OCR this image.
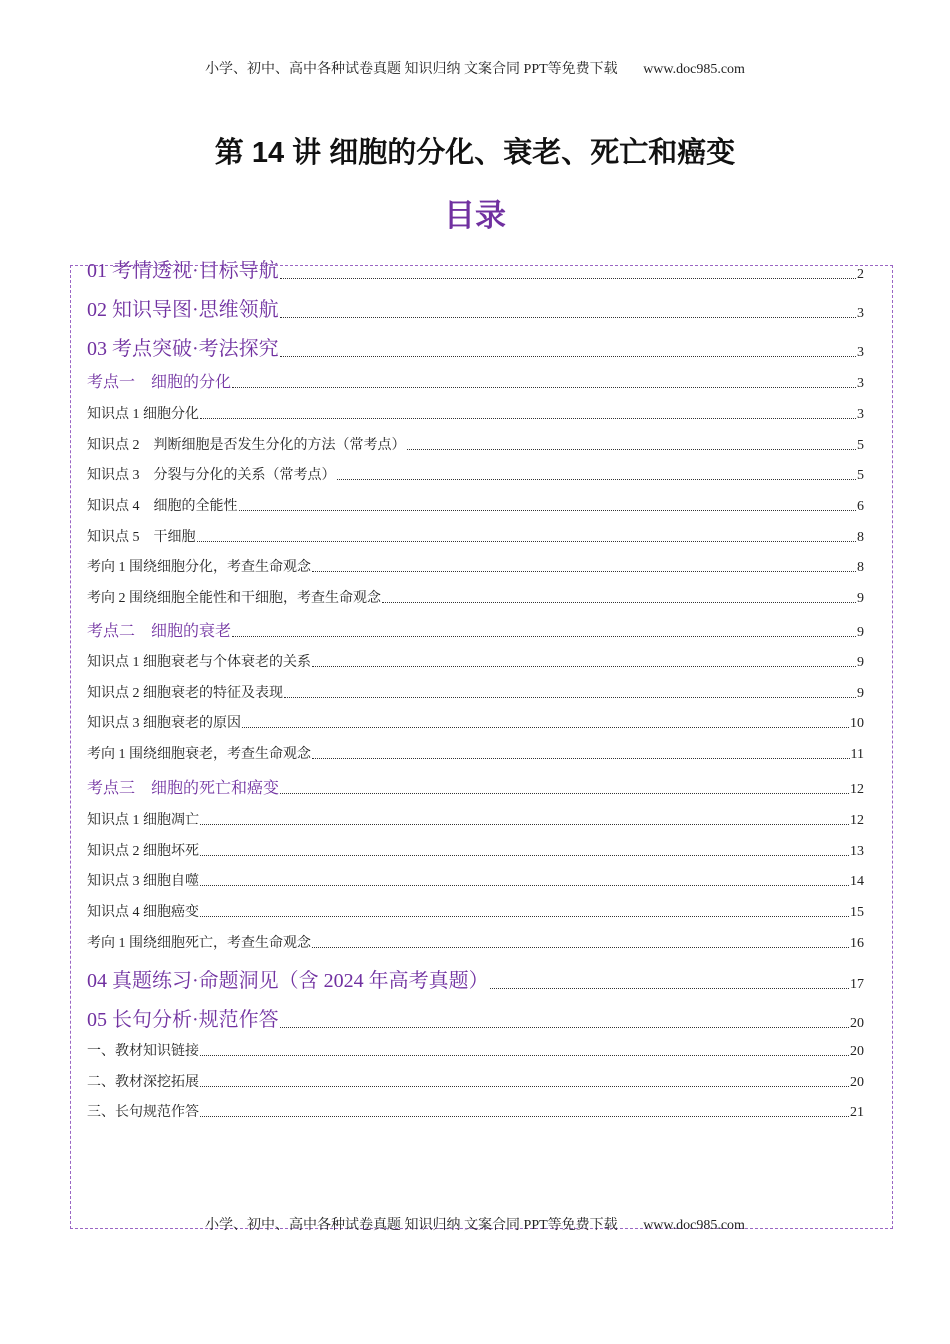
小学、初中、高中各种试卷真题 知识归纳 文案合同 PPT等免费下载 www.doc985.com
第 14 讲 细胞的分化、衰老、死亡和癌变
目录
01 考情透视·目标导航	2
02 知识导图·思维领航	3
03 考点突破·考法探究	3
考点一　细胞的分化	3
知识点 1 细胞分化	3
知识点 2　判断细胞是否发生分化的方法（常考点）	5
知识点 3　分裂与分化的关系（常考点）	5
知识点 4　细胞的全能性	6
知识点 5　干细胞	8
考向 1 围绕细胞分化，考查生命观念	8
考向 2 围绕细胞全能性和干细胞，考查生命观念	9
考点二　细胞的衰老	9
知识点 1 细胞衰老与个体衰老的关系	9
知识点 2 细胞衰老的特征及表现	9
知识点 3 细胞衰老的原因	10
考向 1 围绕细胞衰老，考查生命观念	11
考点三　细胞的死亡和癌变	12
知识点 1 细胞凋亡	12
知识点 2 细胞坏死	13
知识点 3 细胞自噬	14
知识点 4 细胞癌变	15
考向 1 围绕细胞死亡，考查生命观念	16
04 真题练习·命题洞见（含 2024 年高考真题）	17
05 长句分析·规范作答	20
一、教材知识链接	20
二、教材深挖拓展	20
三、长句规范作答	21
小学、初中、高中各种试卷真题 知识归纳 文案合同 PPT等免费下载 www.doc985.com
